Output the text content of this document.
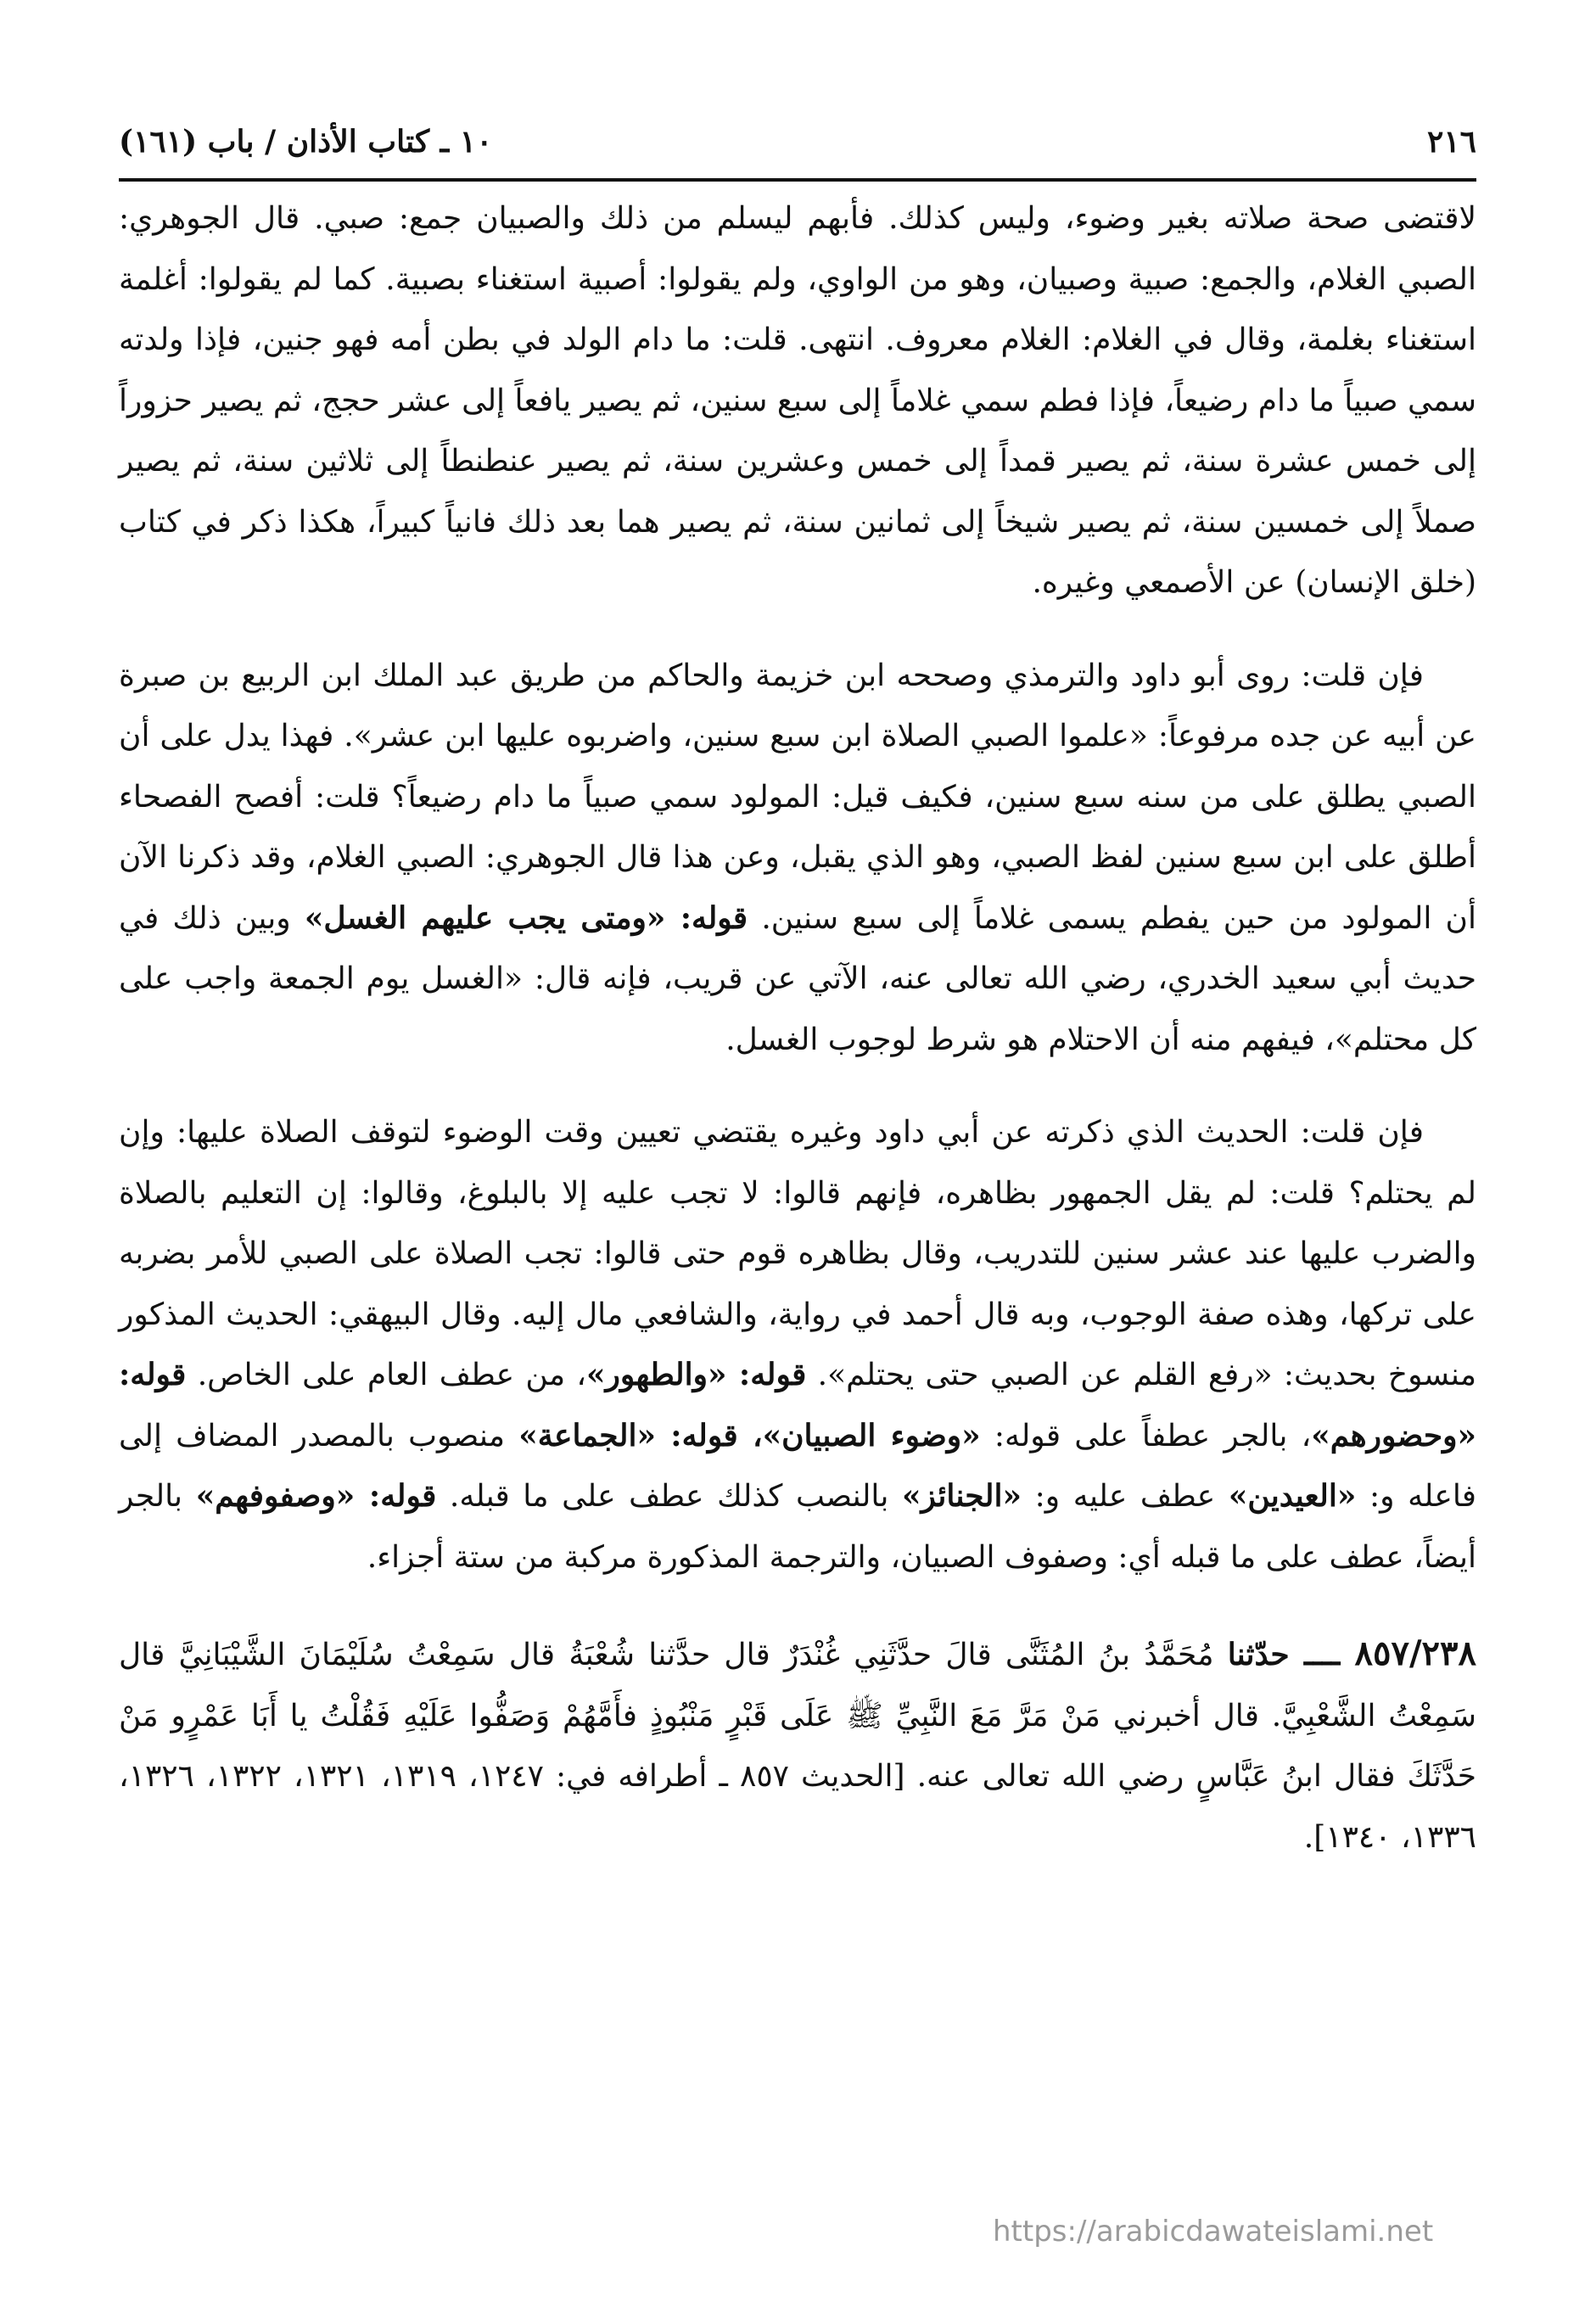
٢١٦
١٠ ـ كتاب الأذان / باب (١٦١)

لاقتضى صحة صلاته بغير وضوء، وليس كذلك. فأبهم ليسلم من ذلك والصبيان جمع: صبي. قال الجوهري: الصبي الغلام، والجمع: صبية وصبيان، وهو من الواوي، ولم يقولوا: أصبية استغناء بصبية. كما لم يقولوا: أغلمة استغناء بغلمة، وقال في الغلام: الغلام معروف. انتهى. قلت: ما دام الولد في بطن أمه فهو جنين، فإذا ولدته سمي صبياً ما دام رضيعاً، فإذا فطم سمي غلاماً إلى سبع سنين، ثم يصير يافعاً إلى عشر حجج، ثم يصير حزوراً إلى خمس عشرة سنة، ثم يصير قمداً إلى خمس وعشرين سنة، ثم يصير عنطنطاً إلى ثلاثين سنة، ثم يصير صملاً إلى خمسين سنة، ثم يصير شيخاً إلى ثمانين سنة، ثم يصير هما بعد ذلك فانياً كبيراً، هكذا ذكر في كتاب (خلق الإنسان) عن الأصمعي وغيره.

فإن قلت: روى أبو داود والترمذي وصححه ابن خزيمة والحاكم من طريق عبد الملك ابن الربيع بن صبرة عن أبيه عن جده مرفوعاً: «علموا الصبي الصلاة ابن سبع سنين، واضربوه عليها ابن عشر». فهذا يدل على أن الصبي يطلق على من سنه سبع سنين، فكيف قيل: المولود سمي صبياً ما دام رضيعاً؟ قلت: أفصح الفصحاء أطلق على ابن سبع سنين لفظ الصبي، وهو الذي يقبل، وعن هذا قال الجوهري: الصبي الغلام، وقد ذكرنا الآن أن المولود من حين يفطم يسمى غلاماً إلى سبع سنين. قوله: «ومتى يجب عليهم الغسل» وبين ذلك في حديث أبي سعيد الخدري، رضي الله تعالى عنه، الآتي عن قريب، فإنه قال: «الغسل يوم الجمعة واجب على كل محتلم»، فيفهم منه أن الاحتلام هو شرط لوجوب الغسل.

فإن قلت: الحديث الذي ذكرته عن أبي داود وغيره يقتضي تعيين وقت الوضوء لتوقف الصلاة عليها: وإن لم يحتلم؟ قلت: لم يقل الجمهور بظاهره، فإنهم قالوا: لا تجب عليه إلا بالبلوغ، وقالوا: إن التعليم بالصلاة والضرب عليها عند عشر سنين للتدريب، وقال بظاهره قوم حتى قالوا: تجب الصلاة على الصبي للأمر بضربه على تركها، وهذه صفة الوجوب، وبه قال أحمد في رواية، والشافعي مال إليه. وقال البيهقي: الحديث المذكور منسوخ بحديث: «رفع القلم عن الصبي حتى يحتلم». قوله: «والطهور»، من عطف العام على الخاص. قوله: «وحضورهم»، بالجر عطفاً على قوله: «وضوء الصبيان»، قوله: «الجماعة» منصوب بالمصدر المضاف إلى فاعله و: «العيدين» عطف عليه و: «الجنائز» بالنصب كذلك عطف على ما قبله. قوله: «وصفوفهم» بالجر أيضاً، عطف على ما قبله أي: وصفوف الصبيان، والترجمة المذكورة مركبة من ستة أجزاء.

٨٥٧/٢٣٨ ــــ حدّثنا مُحَمَّدُ بنُ المُثَنَّى قالَ حدَّثَنِي غُنْدَرٌ قال حدَّثنا شُعْبَةُ قال سَمِعْتُ سُلَيْمَانَ الشَّيْبَانِيَّ قال سَمِعْتُ الشَّعْبِيَّ. قال أخبرني مَنْ مَرَّ مَعَ النَّبِيِّ ﷺ عَلَى قَبْرٍ مَنْبُوذٍ فأَمَّهُمْ وَصَفُّوا عَلَيْهِ فَقُلْتُ يا أَبَا عَمْرٍو مَنْ حَدَّثَكَ فقال ابنُ عَبَّاسٍ رضي الله تعالى عنه. [الحديث ٨٥٧ ـ أطرافه في: ١٢٤٧، ١٣١٩، ١٣٢١، ١٣٢٢، ١٣٢٦، ١٣٣٦، ١٣٤٠].

https://arabicdawateislami.net
